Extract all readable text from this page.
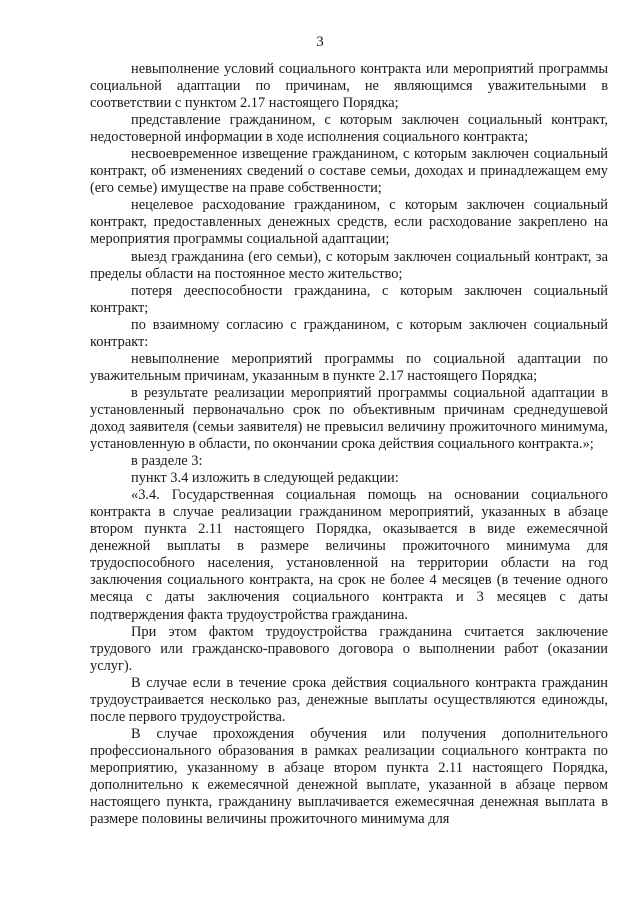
3

невыполнение условий социального контракта или мероприятий программы социальной адаптации по причинам, не являющимся уважительными в соответствии с пунктом 2.17 настоящего Порядка;

представление гражданином, с которым заключен социальный контракт, недостоверной информации в ходе исполнения социального контракта;

несвоевременное извещение гражданином, с которым заключен социальный контракт, об изменениях сведений о составе семьи, доходах и принадлежащем ему (его семье) имуществе на праве собственности;

нецелевое расходование гражданином, с которым заключен социальный контракт, предоставленных денежных средств, если расходование закреплено на мероприятия программы социальной адаптации;

выезд гражданина (его семьи), с которым заключен социальный контракт, за пределы области на постоянное место жительство;

потеря дееспособности гражданина, с которым заключен социальный контракт;

по взаимному согласию с гражданином, с которым заключен социальный контракт:

невыполнение мероприятий программы по социальной адаптации по уважительным причинам, указанным в пункте 2.17 настоящего Порядка;

в результате реализации мероприятий программы социальной адаптации в установленный первоначально срок по объективным причинам среднедушевой доход заявителя (семьи заявителя) не превысил величину прожиточного минимума, установленную в области, по окончании срока действия социального контракта.»;

в разделе 3:

пункт 3.4 изложить в следующей редакции:

«3.4. Государственная социальная помощь на основании социального контракта в случае реализации гражданином мероприятий, указанных в абзаце втором пункта 2.11 настоящего Порядка, оказывается в виде ежемесячной денежной выплаты в размере величины прожиточного минимума для трудоспособного населения, установленной на территории области на год заключения социального контракта, на срок не более 4 месяцев (в течение одного месяца с даты заключения социального контракта и 3 месяцев с даты подтверждения факта трудоустройства гражданина.

При этом фактом трудоустройства гражданина считается заключение трудового или гражданско-правового договора о выполнении работ (оказании услуг).

В случае если в течение срока действия социального контракта гражданин трудоустраивается несколько раз, денежные выплаты осуществляются единожды, после первого трудоустройства.

В случае прохождения обучения или получения дополнительного профессионального образования в рамках реализации социального контракта по мероприятию, указанному в абзаце втором пункта 2.11 настоящего Порядка, дополнительно к ежемесячной денежной выплате, указанной в абзаце первом настоящего пункта, гражданину выплачивается ежемесячная денежная выплата в размере половины величины прожиточного минимума для
